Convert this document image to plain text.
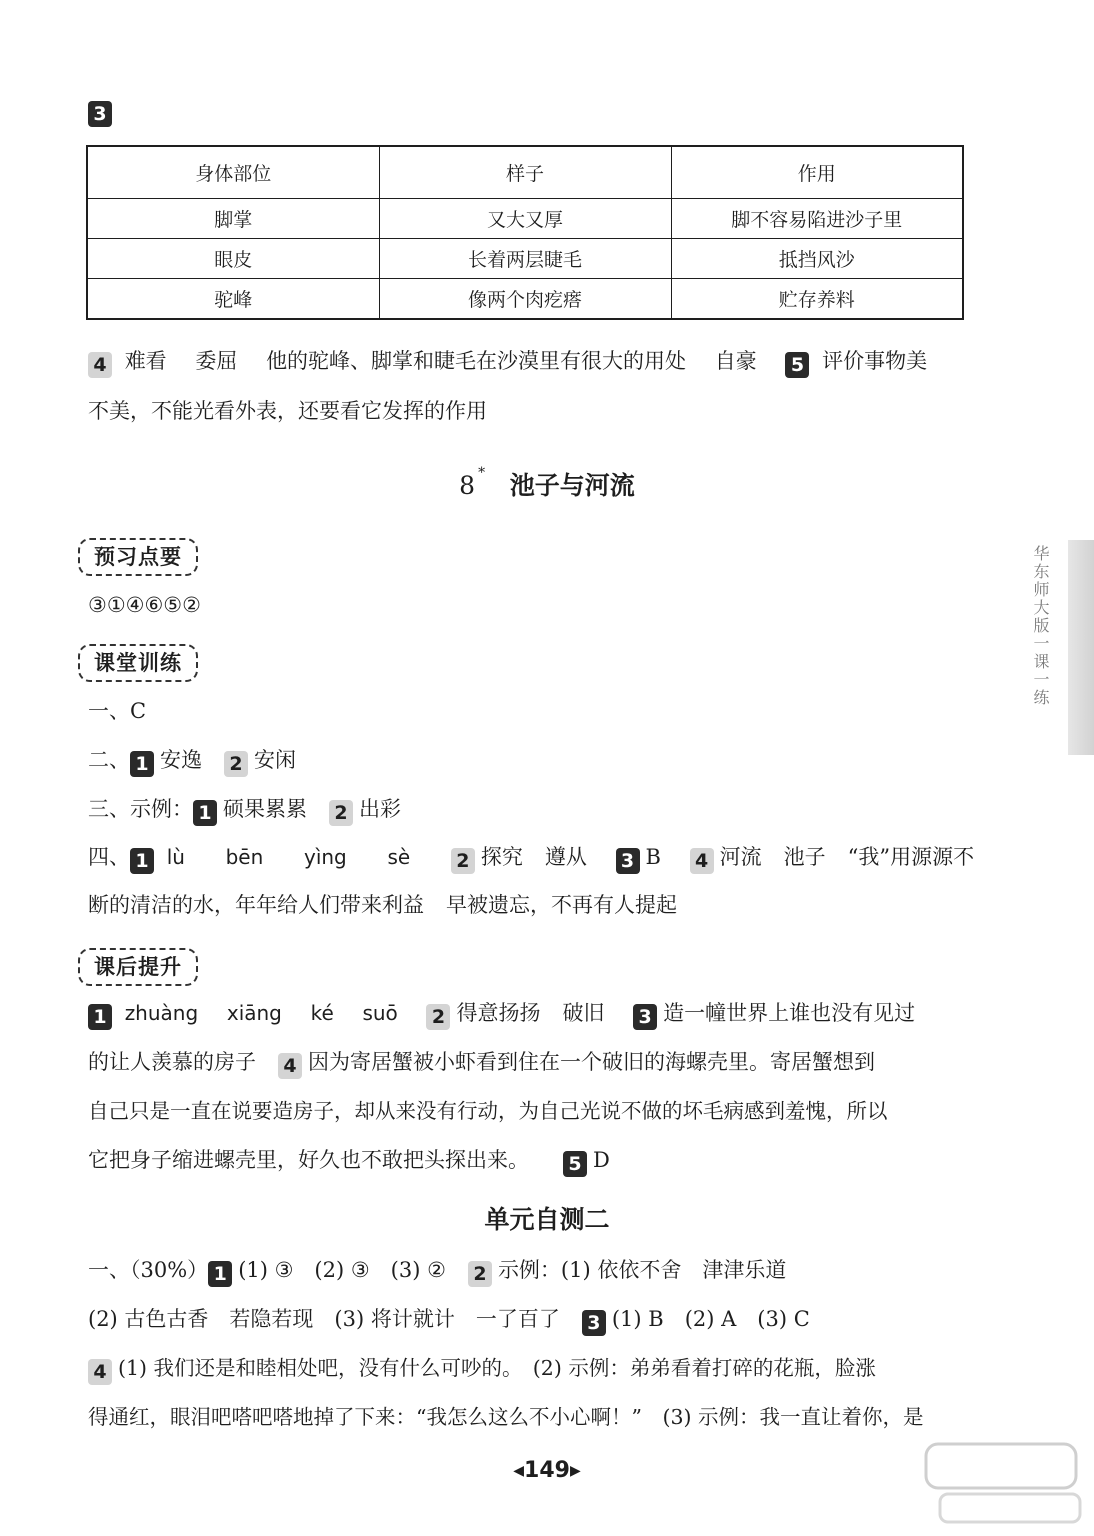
3
身体部位	样子	作用
脚掌	又大又厚	脚不容易陷进沙子里
眼皮	长着两层睫毛	抵挡风沙
驼峰	像两个肉疙瘩	贮存养料
4 难看 委屈 他的驼峰、脚掌和睫毛在沙漠里有很大的用处 自豪 5 评价事物美
不美，不能光看外表，还要看它发挥的作用
8 * 池子与河流
预习点要
③①④⑥⑤②
课堂训练
一、C
二、 1 安逸 2 安闲
三、示例： 1 硕果累累 2 出彩
四、 1 lù bēn yìng sè 2 探究 遵从 3 B 4 河流 池子 “我”用源源不
断的清洁的水，年年给人们带来利益 早被遗忘，不再有人提起
课后提升
1 zhuàng xiāng ké suō 2 得意扬扬 破旧 3 造一幢世界上谁也没有见过
的让人羡慕的房子 4 因为寄居蟹被小虾看到住在一个破旧的海螺壳里。寄居蟹想到
自己只是一直在说要造房子，却从来没有行动，为自己光说不做的坏毛病感到羞愧，所以
它把身子缩进螺壳里，好久也不敢把头探出来。 5 D
单元自测二
一、（30%） 1 (1) ③　(2) ③　(3) ② 2 示例：(1) 依依不舍　津津乐道
(2) 古色古香　若隐若现　(3) 将计就计　一了百了 3 (1) B　(2) A　(3) C
4 (1) 我们还是和睦相处吧，没有什么可吵的。　(2) 示例：弟弟看着打碎的花瓶，脸涨
得通红，眼泪吧嗒吧嗒地掉了下来：“我怎么这么不小心啊！”　(3) 示例：我一直让着你，是
华东师大版一课一练
◀149▶
